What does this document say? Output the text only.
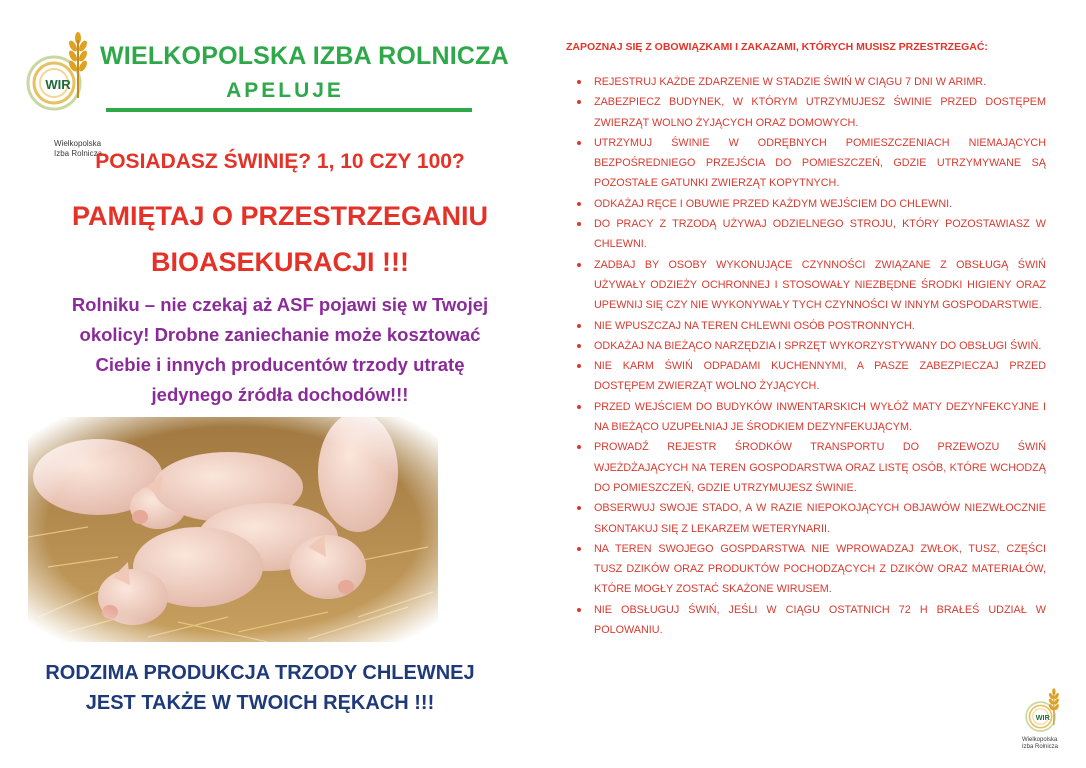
WIR
Wielkopolska
Izba Rolnicza
WIELKOPOLSKA IZBA ROLNICZA
APELUJE
POSIADASZ ŚWINIĘ? 1, 10 CZY 100?
PAMIĘTAJ O PRZESTRZEGANIU
BIOASEKURACJI !!!
Rolniku – nie czekaj aż ASF pojawi się w Twojej
okolicy! Drobne zaniechanie może kosztować
Ciebie i innych producentów trzody utratę
jedynego źródła dochodów!!!
RODZIMA PRODUKCJA TRZODY CHLEWNEJ
JEST TAKŻE W TWOICH RĘKACH !!!
ZAPOZNAJ SIĘ Z OBOWIĄZKAMI I ZAKAZAMI, KTÓRYCH MUSISZ PRZESTRZEGAĆ:
REJESTRUJ KAŻDE ZDARZENIE W STADZIE ŚWIŃ W CIĄGU 7 DNI W ARIMR.
ZABEZPIECZ BUDYNEK, W KTÓRYM UTRZYMUJESZ ŚWINIE PRZED DOSTĘPEM ZWIERZĄT WOLNO ŻYJĄCYCH ORAZ DOMOWYCH.
UTRZYMUJ ŚWINIE W ODRĘBNYCH POMIESZCZENIACH NIEMAJĄCYCH BEZPOŚREDNIEGO PRZEJŚCIA DO POMIESZCZEŃ, GDZIE UTRZYMYWANE SĄ POZOSTAŁE GATUNKI ZWIERZĄT KOPYTNYCH.
ODKAŻAJ RĘCE I OBUWIE PRZED KAŻDYM WEJŚCIEM DO CHLEWNI.
DO PRACY Z TRZODĄ UŻYWAJ ODZIELNEGO STROJU, KTÓRY POZOSTAWIASZ W CHLEWNI.
ZADBAJ BY OSOBY WYKONUJĄCE CZYNNOŚCI ZWIĄZANE Z OBSŁUGĄ ŚWIŃ UŻYWAŁY ODZIEŻY OCHRONNEJ I STOSOWAŁY NIEZBĘDNE ŚRODKI HIGIENY ORAZ UPEWNIJ SIĘ CZY NIE WYKONYWAŁY TYCH CZYNNOŚCI W INNYM GOSPODARSTWIE.
NIE WPUSZCZAJ NA TEREN CHLEWNI OSÓB POSTRONNYCH.
ODKAŻAJ NA BIEŻĄCO NARZĘDZIA I SPRZĘT WYKORZYSTYWANY DO OBSŁUGI ŚWIŃ.
NIE KARM ŚWIŃ ODPADAMI KUCHENNYMI, A PASZE ZABEZPIECZAJ PRZED DOSTĘPEM ZWIERZĄT WOLNO ŻYJĄCYCH.
PRZED WEJŚCIEM DO BUDYKÓW INWENTARSKICH WYŁÓŻ MATY DEZYNFEKCYJNE I NA BIEŻĄCO UZUPEŁNIAJ JE ŚRODKIEM DEZYNFEKUJĄCYM.
PROWADŹ REJESTR ŚRODKÓW TRANSPORTU DO PRZEWOZU ŚWIŃ WJEŻDŻAJĄCYCH NA TEREN GOSPODARSTWA ORAZ LISTĘ OSÓB, KTÓRE WCHODZĄ DO POMIESZCZEŃ, GDZIE UTRZYMUJESZ ŚWINIE.
OBSERWUJ SWOJE STADO, A W RAZIE NIEPOKOJĄCYCH OBJAWÓW NIEZWŁOCZNIE SKONTAKUJ SIĘ Z LEKARZEM WETERYNARII.
NA TEREN SWOJEGO GOSPDARSTWA NIE WPROWADZAJ ZWŁOK, TUSZ, CZĘŚCI TUSZ DZIKÓW ORAZ PRODUKTÓW POCHODZĄCYCH Z DZIKÓW ORAZ MATERIAŁÓW, KTÓRE MOGŁY ZOSTAĆ SKAŻONE WIRUSEM.
NIE OBSŁUGUJ ŚWIŃ, JEŚLI W CIĄGU OSTATNICH 72 H BRAŁEŚ UDZIAŁ W POLOWANIU.
WIR
Wielkopolska
Izba Rolnicza
